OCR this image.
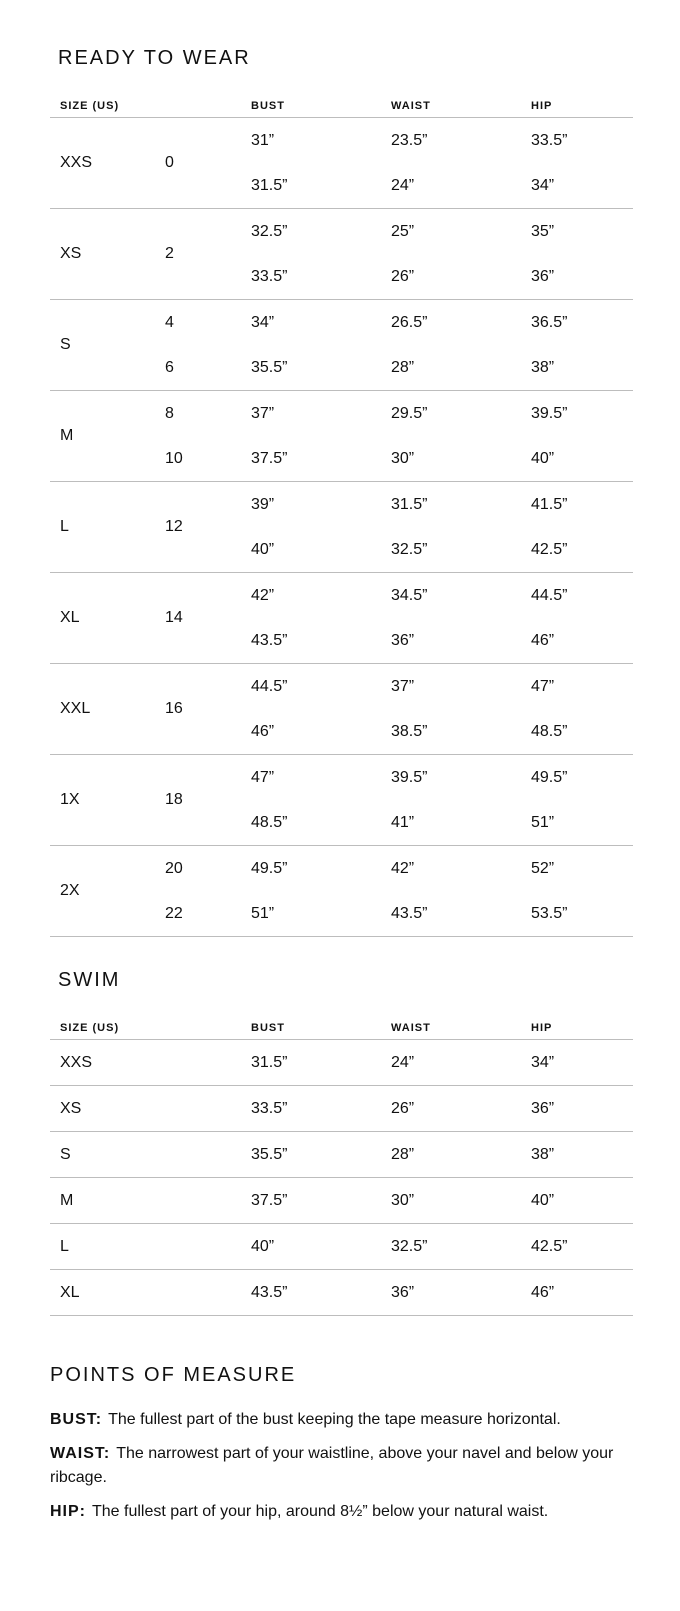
READY TO WEAR
SIZE (US)		BUST	WAIST	HIP
XXS	0	31”	23.5”	33.5”
		31.5”	24”	34”
XS	2	32.5”	25”	35”
		33.5”	26”	36”
S	4	34”	26.5”	36.5”
	6	35.5”	28”	38”
M	8	37”	29.5”	39.5”
	10	37.5”	30”	40”
L	12	39”	31.5”	41.5”
		40”	32.5”	42.5”
XL	14	42”	34.5”	44.5”
		43.5”	36”	46”
XXL	16	44.5”	37”	47”
		46”	38.5”	48.5”
1X	18	47”	39.5”	49.5”
		48.5”	41”	51”
2X	20	49.5”	42”	52”
	22	51”	43.5”	53.5”
SWIM
SIZE (US)	BUST	WAIST	HIP
XXS	31.5”	24”	34”
XS	33.5”	26”	36”
S	35.5”	28”	38”
M	37.5”	30”	40”
L	40”	32.5”	42.5”
XL	43.5”	36”	46”
POINTS OF MEASURE

BUST: The fullest part of the bust keeping the tape measure horizontal.

WAIST: The narrowest part of your waistline, above your navel and below your ribcage.

HIP: The fullest part of your hip, around 8½” below your natural waist.
